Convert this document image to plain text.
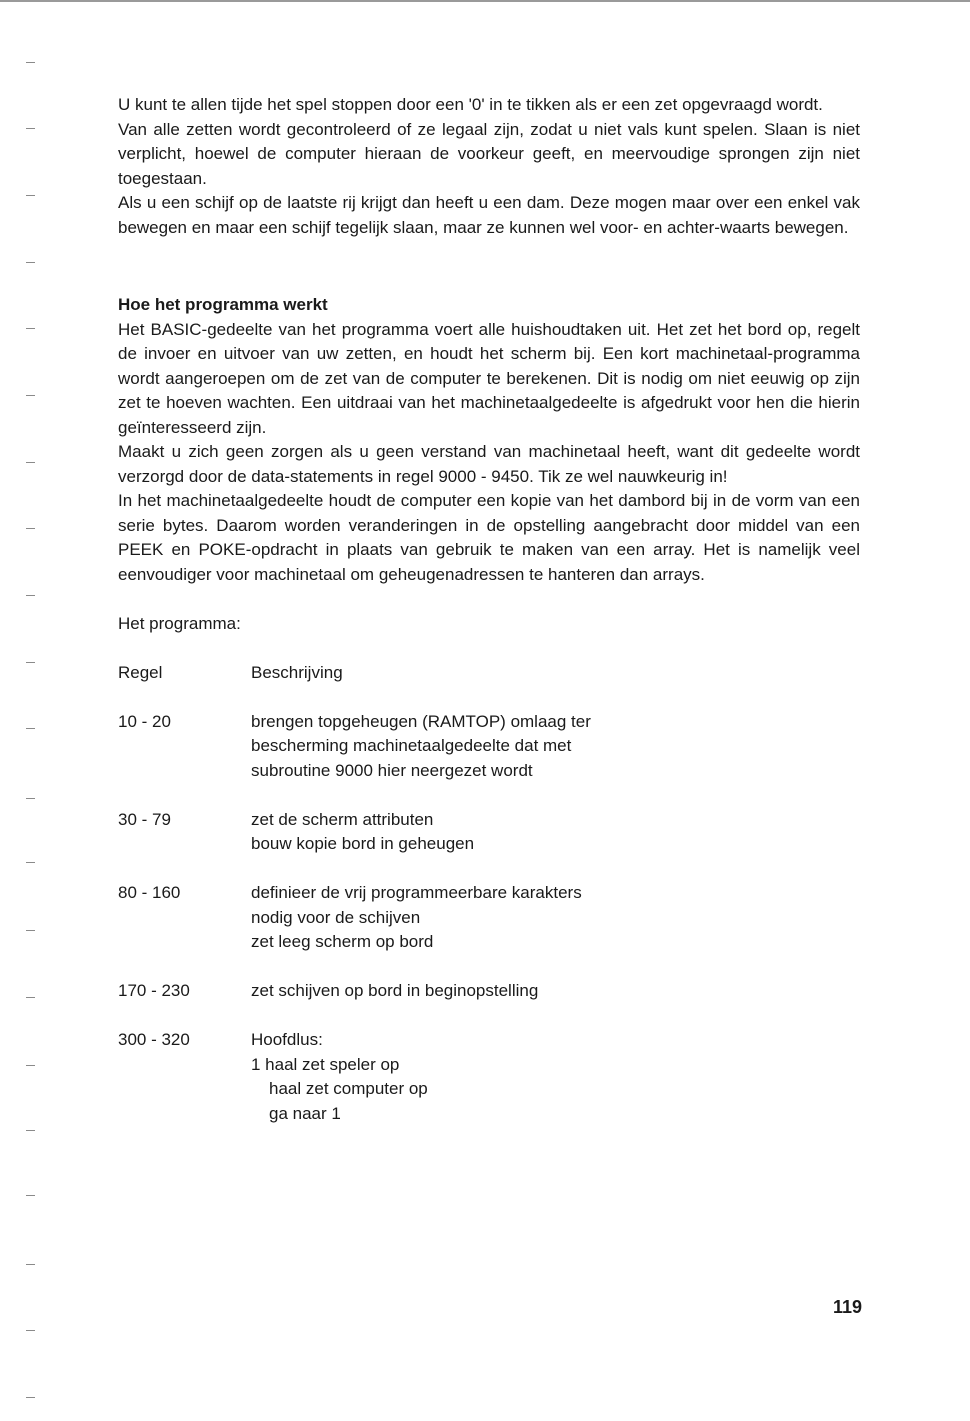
U kunt te allen tijde het spel stoppen door een '0' in te tikken als er een zet opgevraagd wordt.

Van alle zetten wordt gecontroleerd of ze legaal zijn, zodat u niet vals kunt spelen. Slaan is niet verplicht, hoewel de computer hieraan de voorkeur geeft, en meervoudige sprongen zijn niet toegestaan.

Als u een schijf op de laatste rij krijgt dan heeft u een dam. Deze mogen maar over een enkel vak bewegen en maar een schijf tegelijk slaan, maar ze kunnen wel voor- en achter-waarts bewegen.

Hoe het programma werkt

Het BASIC-gedeelte van het programma voert alle huishoudtaken uit. Het zet het bord op, regelt de invoer en uitvoer van uw zetten, en houdt het scherm bij. Een kort machinetaal-programma wordt aangeroepen om de zet van de computer te berekenen. Dit is nodig om niet eeuwig op zijn zet te hoeven wachten. Een uitdraai van het machinetaalgedeelte is afgedrukt voor hen die hierin geïnteresseerd zijn.

Maakt u zich geen zorgen als u geen verstand van machinetaal heeft, want dit gedeelte wordt verzorgd door de data-statements in regel 9000 - 9450. Tik ze wel nauwkeurig in!

In het machinetaalgedeelte houdt de computer een kopie van het dambord bij in de vorm van een serie bytes. Daarom worden veranderingen in de opstelling aangebracht door middel van een PEEK en POKE-opdracht in plaats van gebruik te maken van een array. Het is namelijk veel eenvoudiger voor machinetaal om geheugenadressen te hanteren dan arrays.

Het programma:

Regel	Beschrijving
10 - 20	brengen topgeheugen (RAMTOP) omlaag ter
bescherming machinetaalgedeelte dat met
subroutine 9000 hier neergezet wordt
30 - 79	zet de scherm attributen
bouw kopie bord in geheugen
80 - 160	definieer de vrij programmeerbare karakters
nodig voor de schijven
zet leeg scherm op bord
170 - 230	zet schijven op bord in beginopstelling
300 - 320	Hoofdlus:
1 haal zet speler op
haal zet computer op
ga naar 1
119
